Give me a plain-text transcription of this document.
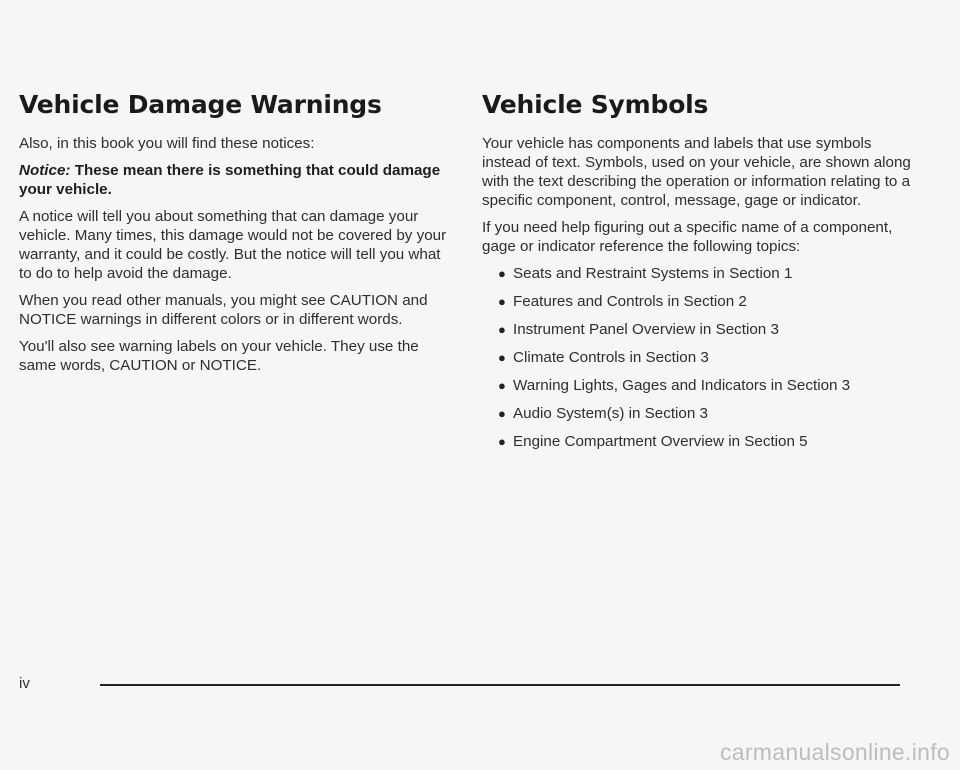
Vehicle Damage Warnings

Also, in this book you will find these notices:

Notice: These mean there is something that could damage your vehicle.

A notice will tell you about something that can damage your vehicle. Many times, this damage would not be covered by your warranty, and it could be costly. But the notice will tell you what to do to help avoid the damage.

When you read other manuals, you might see CAUTION and NOTICE warnings in different colors or in different words.

You'll also see warning labels on your vehicle. They use the same words, CAUTION or NOTICE.

Vehicle Symbols

Your vehicle has components and labels that use symbols instead of text. Symbols, used on your vehicle, are shown along with the text describing the operation or information relating to a specific component, control, message, gage or indicator.

If you need help figuring out a specific name of a component, gage or indicator reference the following topics:

● Seats and Restraint Systems in Section 1
● Features and Controls in Section 2
● Instrument Panel Overview in Section 3
● Climate Controls in Section 3
● Warning Lights, Gages and Indicators in Section 3
● Audio System(s) in Section 3
● Engine Compartment Overview in Section 5
iv
carmanualsonline.info
